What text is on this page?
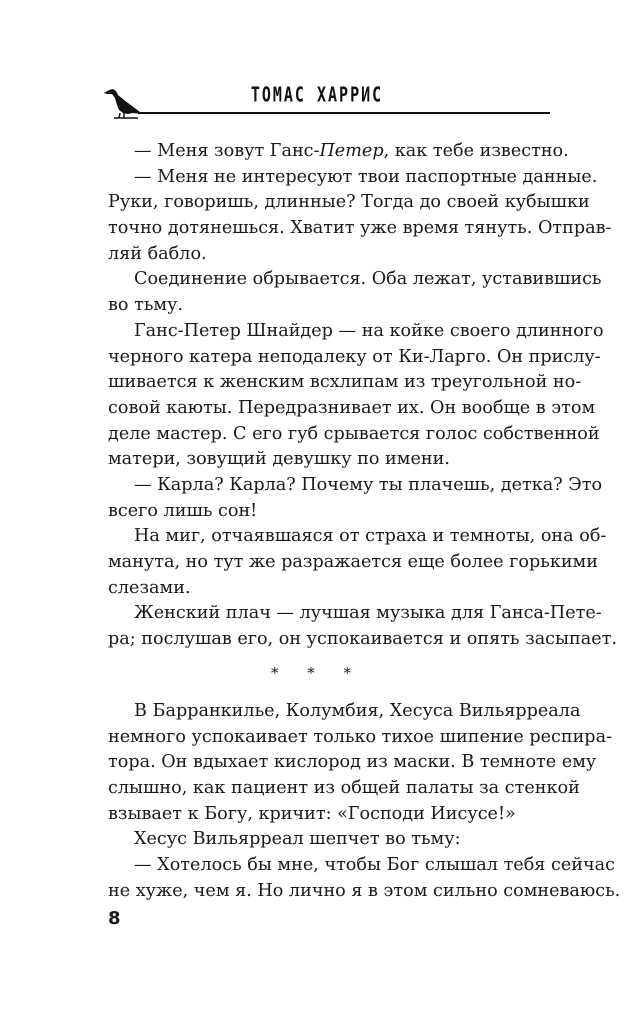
ТОМАС ХАРРИС
— Меня зовут Ганс-Петер, как тебе известно.
— Меня не интересуют твои паспортные данные.
Руки, говоришь, длинные? Тогда до своей кубышки
точно дотянешься. Хватит уже время тянуть. Отправ-
ляй бабло.
Соединение обрывается. Оба лежат, уставившись
во тьму.
Ганс-Петер Шнайдер — на койке своего длинного
черного катера неподалеку от Ки-Ларго. Он прислу-
шивается к женским всхлипам из треугольной но-
совой каюты. Передразнивает их. Он вообще в этом
деле мастер. С его губ срывается голос собственной
матери, зовущий девушку по имени.
— Карла? Карла? Почему ты плачешь, детка? Это
всего лишь сон!
На миг, отчаявшаяся от страха и темноты, она об-
манута, но тут же разражается еще более горькими
слезами.
Женский плач — лучшая музыка для Ганса-Пете-
ра; послушав его, он успокаивается и опять засыпает.
* * *
В Барранкилье, Колумбия, Хесуса Вильярреала
немного успокаивает только тихое шипение респира-
тора. Он вдыхает кислород из маски. В темноте ему
слышно, как пациент из общей палаты за стенкой
взывает к Богу, кричит: «Господи Иисусе!»
Хесус Вильярреал шепчет во тьму:
— Хотелось бы мне, чтобы Бог слышал тебя сейчас
не хуже, чем я. Но лично я в этом сильно сомневаюсь.
8
